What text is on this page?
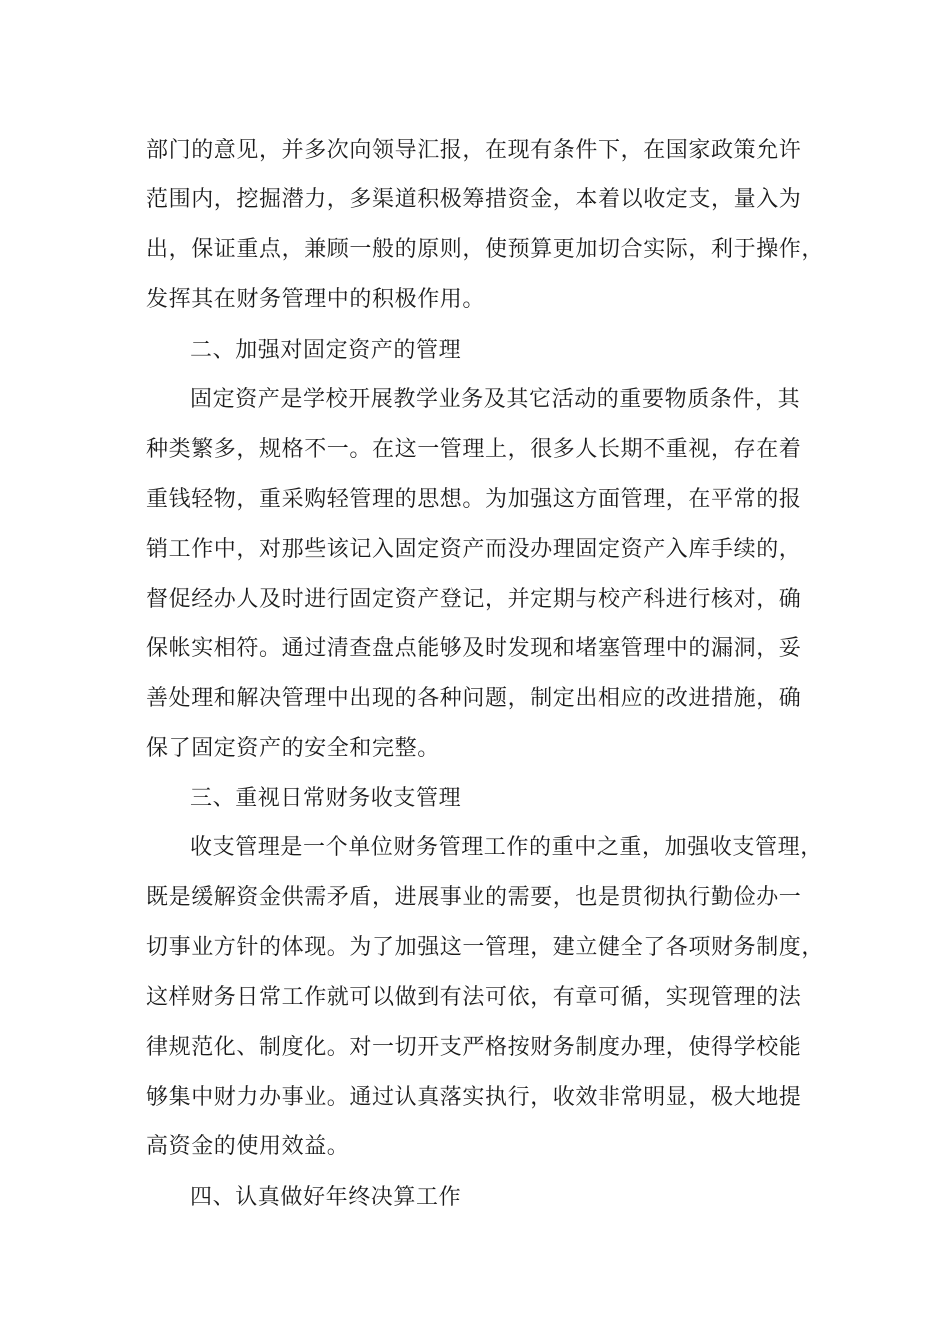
部门的意见，并多次向领导汇报，在现有条件下，在国家政策允许
范围内，挖掘潜力，多渠道积极筹措资金，本着以收定支，量入为
出，保证重点，兼顾一般的原则，使预算更加切合实际，利于操作，
发挥其在财务管理中的积极作用。
二、加强对固定资产的管理
固定资产是学校开展教学业务及其它活动的重要物质条件，其
种类繁多，规格不一。在这一管理上，很多人长期不重视，存在着
重钱轻物，重采购轻管理的思想。为加强这方面管理，在平常的报
销工作中，对那些该记入固定资产而没办理固定资产入库手续的，
督促经办人及时进行固定资产登记，并定期与校产科进行核对，确
保帐实相符。通过清查盘点能够及时发现和堵塞管理中的漏洞，妥
善处理和解决管理中出现的各种问题，制定出相应的改进措施，确
保了固定资产的安全和完整。
三、重视日常财务收支管理
收支管理是一个单位财务管理工作的重中之重，加强收支管理，
既是缓解资金供需矛盾，进展事业的需要，也是贯彻执行勤俭办一
切事业方针的体现。为了加强这一管理，建立健全了各项财务制度，
这样财务日常工作就可以做到有法可依，有章可循，实现管理的法
律规范化、制度化。对一切开支严格按财务制度办理，使得学校能
够集中财力办事业。通过认真落实执行，收效非常明显，极大地提
高资金的使用效益。
四、认真做好年终决算工作
